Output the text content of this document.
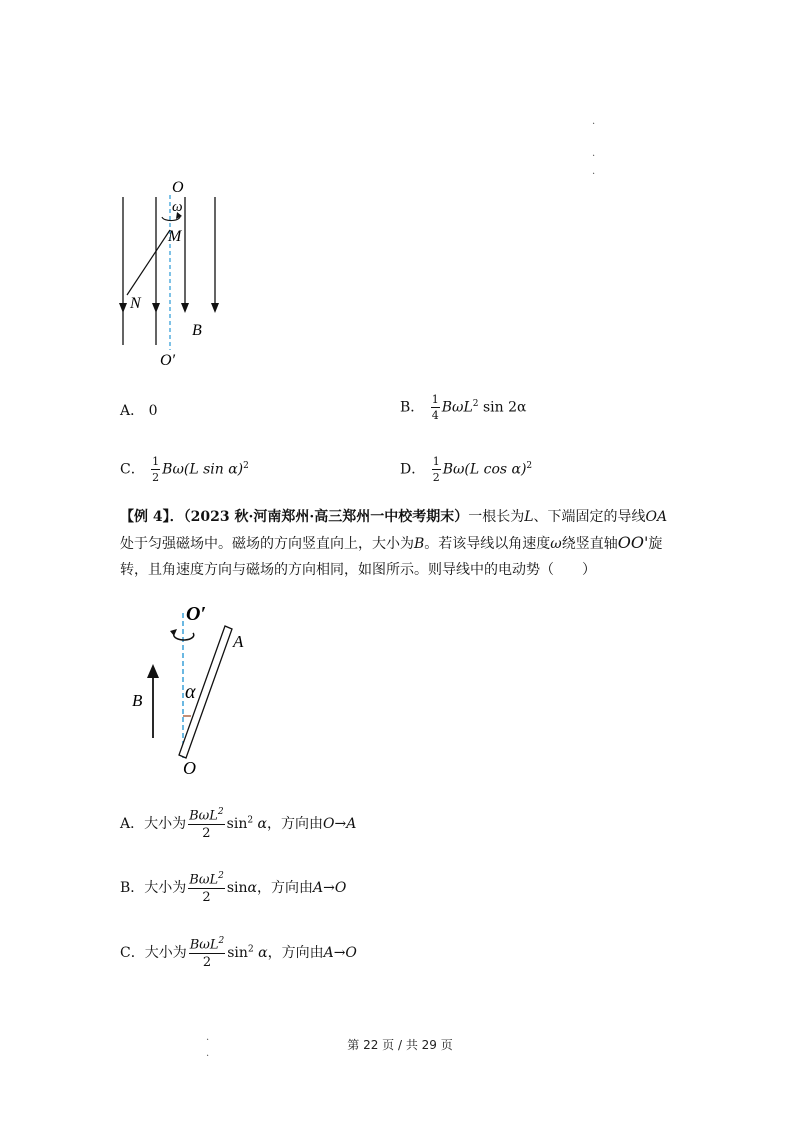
.
.
.
O
ω
M
N
B
O′
A． 0	B． $\frac{1}{4} B\omega L^2$ sin 2α
C． $\frac{1}{2} B\omega(L$ sin α)$^2$	D． $\frac{1}{2} B\omega(L$ cos α)$^2$
【例 4】．（2023 秋·河南郑州·高三郑州一中校考期末）一根长为L、下端固定的导线OA
处于匀强磁场中。磁场的方向竖直向上，大小为B。若该导线以角速度ω绕竖直轴OO'旋
转，且角速度方向与磁场的方向相同，如图所示。则导线中的电动势（　　）
O′
A
B α
O
A．大小为 $\frac{B\omega L^2}{2} \sin^2 \alpha$，方向由O→A
B．大小为 $\frac{B\omega L^2}{2}$ sinα，方向由A→O
C．大小为 $\frac{B\omega L^2}{2} \sin^2 \alpha$，方向由A→O
.
.
第 22 页 / 共 29 页
